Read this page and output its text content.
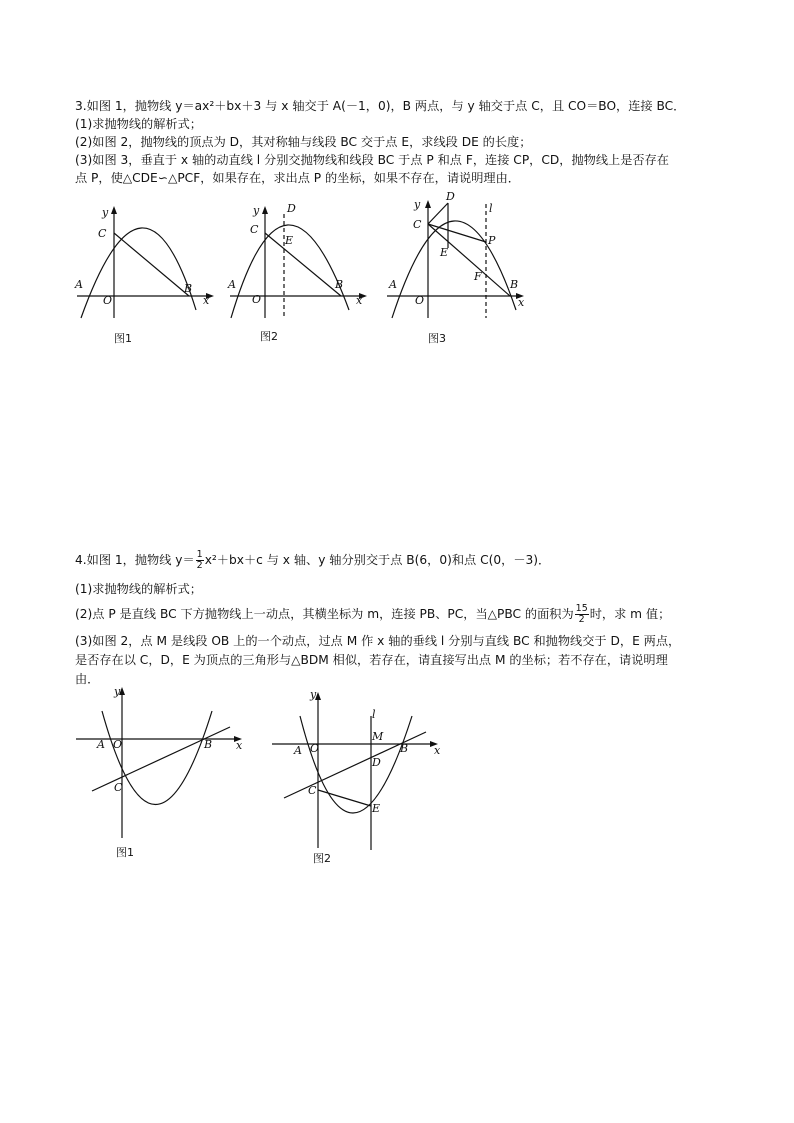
3.如图 1，抛物线 y＝ax²＋bx＋3 与 x 轴交于 A(－1，0)，B 两点，与 y 轴交于点 C，且 CO＝BO，连接 BC．
(1)求抛物线的解析式；
(2)如图 2，抛物线的顶点为 D，其对称轴与线段 BC 交于点 E，求线段 DE 的长度；
(3)如图 3，垂直于 x 轴的动直线 l 分别交抛物线和线段 BC 于点 P 和点 F，连接 CP，CD，抛物线上是否存在
点 P，使△CDE∽△PCF，如果存在，求出点 P 的坐标，如果不存在，请说明理由．
y
x
A
O
B
C
图1
y
x
A
O
B
C
D
E
图2
y
x
A
O
B
C
D
E
P
F
l
图3
4.如图 1，抛物线 $y= \frac{1}{2} x^2+bx+c$ 与 x 轴、y 轴分别交于点 B(6，0)和点 C(0，－3)．
(1)求抛物线的解析式；
(2)点 P 是直线 BC 下方抛物线上一动点，其横坐标为 m，连接 PB、PC，当△PBC 的面积为 $\frac{15}{2}$ 时，求 m 值；
(3)如图 2，点 M 是线段 OB 上的一个动点，过点 M 作 x 轴的垂线 l 分别与直线 BC 和抛物线交于 D，E 两点，
是否存在以 C，D，E 为顶点的三角形与△BDM 相似，若存在，请直接写出点 M 的坐标；若不存在，请说明理
由．
y
x
A O	B
C
图1
y
x
A O	B
C
D
E
M
l
图2
